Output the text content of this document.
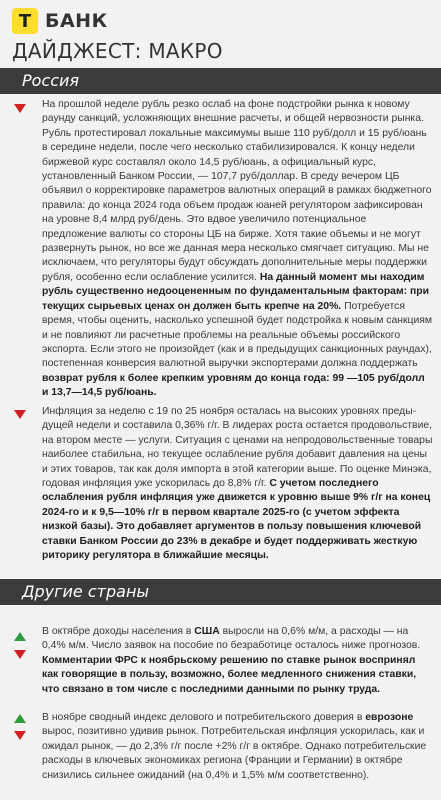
Т БАНК
ДАЙДЖЕСТ: МАКРО
Россия

На прошлой неделе рубль резко ослаб на фоне подстройки рынка к новому раунду санкций, усложняющих внешние расчеты, и общей нервозности рынка. Рубль протестировал локальные максимумы выше 110 руб/долл и 15 руб/юань в середине недели, после чего несколько стабилизировался. К концу недели биржевой курс составлял около 14,5 руб/юань, а официальный курс, установленный Банком России, — 107,7 руб/доллар. В среду вечером ЦБ объявил о корректировке параметров валютных операций в рамках бюджетного правила: до конца 2024 года объем продаж юаней регулятором зафиксирован на уровне 8,4 млрд руб/день. Это вдвое увеличило потенциальное предложение валюты со стороны ЦБ на бирже. Хотя такие объемы и не могут развернуть рынок, но все же данная мера несколько смягчает ситуацию. Мы не исключаем, что регуляторы будут обсуждать дополнительные меры поддержки рубля, особенно если ослабление усилится. На данный момент мы находим рубль существенно недооцененным по фундаментальным факторам: при текущих сырьевых ценах он должен быть крепче на 20%. Потребуется время, чтобы оценить, насколько успешной будет подстройка к новым санкциям и не повлияют ли расчетные проблемы на реальные объемы российского экспорта. Если этого не произойдет (как и в предыдущих санкционных раундах), постепенная конверсия валютной выручки экспортерами должна поддержать возврат рубля к более крепким уровням до конца года: 99 —105 руб/долл и 13,7—14,5 руб/юань.

Инфляция за неделю с 19 по 25 ноября осталась на высоких уровнях преды-дущей недели и составила 0,36% г/г. В лидерах роста остается продовольствие, на втором месте — услуги. Ситуация с ценами на непродовольственные товары наиболее стабильна, но текущее ослабление рубля добавит давления на цены и этих товаров, так как доля импорта в этой категории выше. По оценке Минэка, годовая инфляция уже ускорилась до 8,8% г/г. С учетом последнего ослабления рубля инфляция уже движется к уровню выше 9% г/г на конец 2024-го и к 9,5—10% г/г в первом квартале 2025-го (с учетом эффекта низкой базы). Это добавляет аргументов в пользу повышения ключевой ставки Банком России до 23% в декабре и будет поддерживать жесткую риторику регулятора в ближайшие месяцы.

Другие страны

В октябре доходы населения в США выросли на 0,6% м/м, а расходы — на 0,4% м/м. Число заявок на пособие по безработице осталось ниже прогнозов. Комментарии ФРС к ноябрьскому решению по ставке рынок воспринял как говорящие в пользу, возможно, более медленного снижения ставки, что связано в том числе с последними данными по рынку труда.

В ноябре сводный индекс делового и потребительского доверия в еврозоне вырос, позитивно удивив рынок. Потребительская инфляция ускорилась, как и ожидал рынок, — до 2,3% г/г после +2% г/г в октябре. Однако потребительские расходы в ключевых экономиках региона (Франции и Германии) в октябре снизились сильнее ожиданий (на 0,4% и 1,5% м/м соответственно).
